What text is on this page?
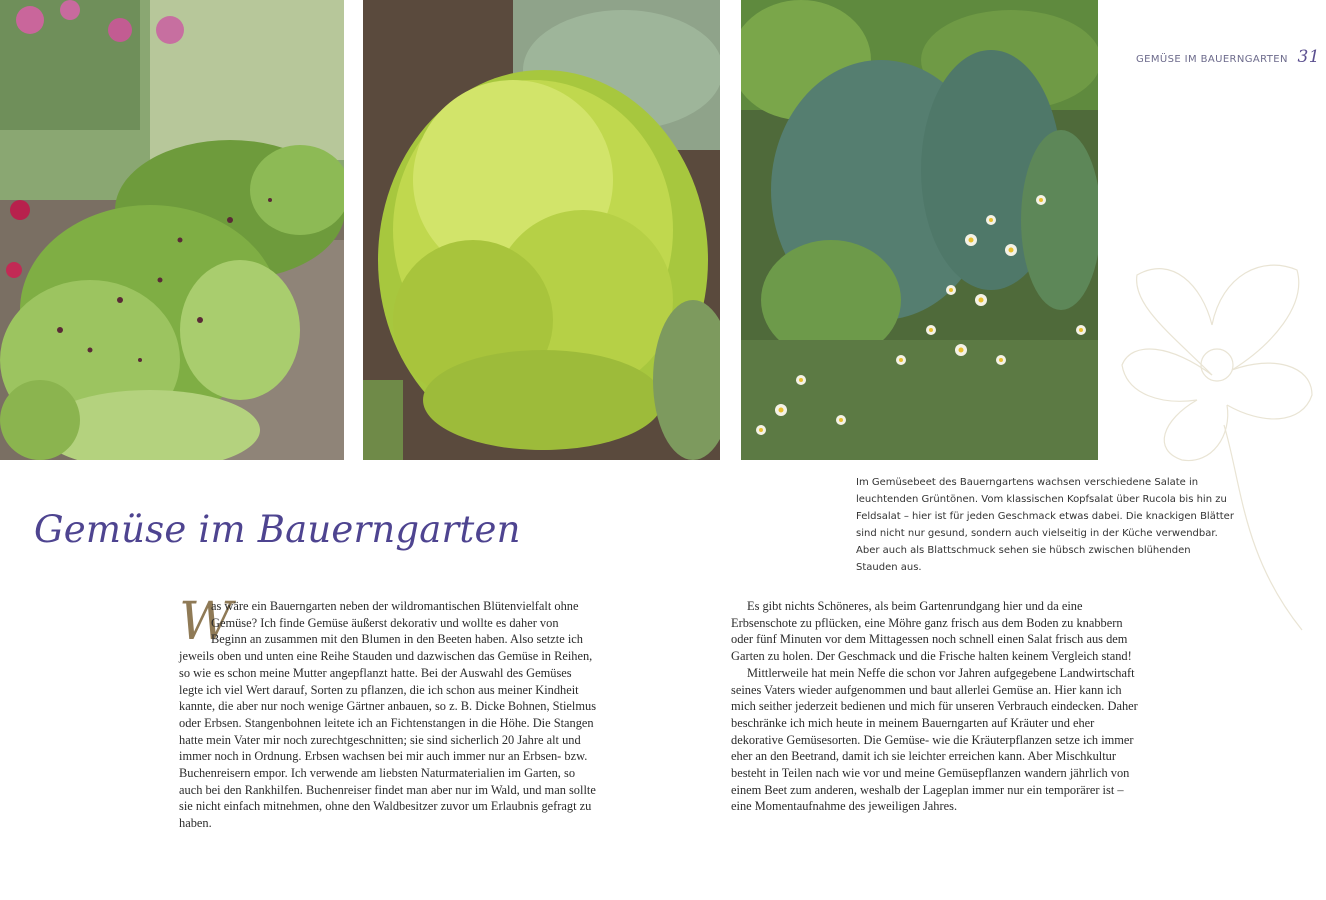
GEMÜSE IM BAUERNGARTEN 31
Im Gemüsebeet des Bauerngartens wachsen verschiedene Salate in leuchtenden Grüntönen. Vom klassischen Kopfsalat über Rucola bis hin zu Feldsalat – hier ist für jeden Geschmack etwas dabei. Die knackigen Blätter sind nicht nur gesund, sondern auch vielseitig in der Küche verwendbar. Aber auch als Blattschmuck sehen sie hübsch zwischen blühenden Stauden aus.
Gemüse im Bauerngarten
W

as wäre ein Bauerngarten neben der wildromantischen Blütenvielfalt ohne Gemüse? Ich finde Gemüse äußerst dekorativ und wollte es daher von Beginn an zusammen mit den Blumen in den Beeten haben. Also setzte ich jeweils oben und unten eine Reihe Stauden und dazwischen das Gemüse in Reihen, so wie es schon meine Mutter angepflanzt hatte. Bei der Auswahl des Gemüses legte ich viel Wert darauf, Sorten zu pflanzen, die ich schon aus meiner Kindheit kannte, die aber nur noch wenige Gärtner anbauen, so z. B. Dicke Bohnen, Stielmus oder Erbsen. Stangenbohnen leitete ich an Fichtenstangen in die Höhe. Die Stangen hatte mein Vater mir noch zurechtgeschnitten; sie sind sicherlich 20 Jahre alt und immer noch in Ordnung. Erbsen wachsen bei mir auch immer nur an Erbsen- bzw. Buchenreisern empor. Ich verwende am liebsten Naturmaterialien im Garten, so auch bei den Rankhilfen. Buchenreiser findet man aber nur im Wald, und man sollte sie nicht einfach mitnehmen, ohne den Waldbesitzer zuvor um Erlaubnis gefragt zu haben.

Es gibt nichts Schöneres, als beim Gartenrundgang hier und da eine Erbsenschote zu pflücken, eine Möhre ganz frisch aus dem Boden zu knabbern oder fünf Minuten vor dem Mittagessen noch schnell einen Salat frisch aus dem Garten zu holen. Der Geschmack und die Frische halten keinem Vergleich stand!

Mittlerweile hat mein Neffe die schon vor Jahren aufgegebene Landwirtschaft seines Vaters wieder aufgenommen und baut allerlei Gemüse an. Hier kann ich mich seither jederzeit bedienen und mich für unseren Verbrauch eindecken. Daher beschränke ich mich heute in meinem Bauerngarten auf Kräuter und eher dekorative Gemüsesorten. Die Gemüse- wie die Kräuterpflanzen setze ich immer eher an den Beetrand, damit ich sie leichter erreichen kann. Aber Mischkultur besteht in Teilen nach wie vor und meine Gemüsepflanzen wandern jährlich von einem Beet zum anderen, weshalb der Lageplan immer nur ein temporärer ist – eine Momentaufnahme des jeweiligen Jahres.
